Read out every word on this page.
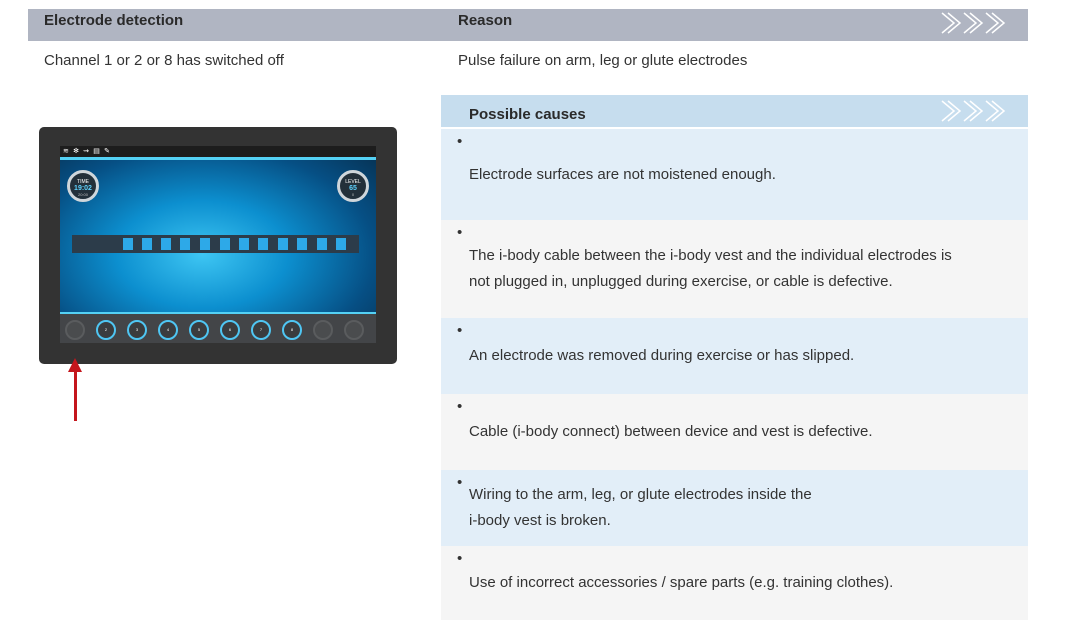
Electrode detection	Reason
Channel 1 or 2 or 8 has switched off	Pulse failure on arm, leg or glute electrodes
Possible causes
•
Electrode surfaces are not moistened enough.
•
The i-body cable between the i-body vest and the individual electrodes is
not plugged in, unplugged during exercise, or cable is defective.
•
An electrode was removed during exercise or has slipped.
•
Cable (i-body connect) between device and vest is defective.
•
Wiring to the arm, leg, or glute electrodes inside the
i-body vest is broken.
•
Use of incorrect accessories / spare parts (e.g. training clothes).
≋ ✻ ⇝ ▤ ✎
TIME
19:02
20:00
LEVEL
65
0
2	3	4	5	6	7	8
